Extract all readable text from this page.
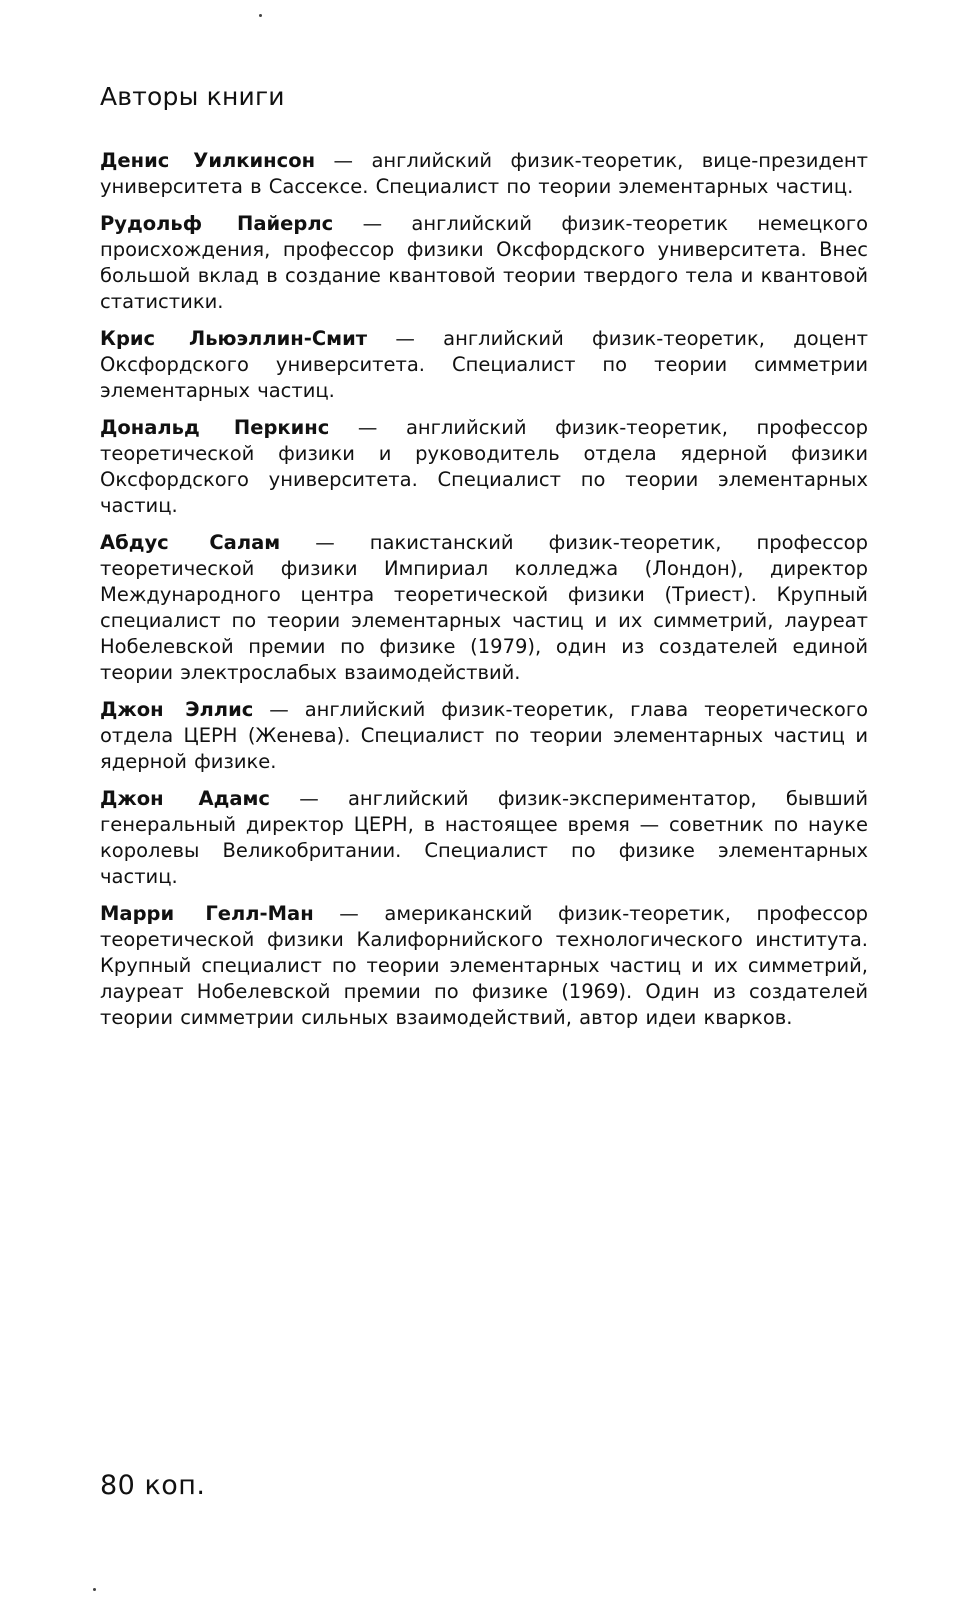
Авторы книги

Денис Уилкинсон — английский физик-теоретик, вице-президент университета в Сассексе. Специалист по теории элементарных частиц.

Рудольф Пайерлс — английский физик-теоретик немецкого происхождения, профессор физики Оксфордского университета. Внес большой вклад в создание квантовой теории твердого тела и квантовой статистики.

Крис Льюэллин-Смит — английский физик-теоретик, доцент Оксфордского университета. Специалист по теории симметрии элементарных частиц.

Дональд Перкинс — английский физик-теоретик, профессор теоретической физики и руководитель отдела ядерной физики Оксфордского университета. Специалист по теории элементарных частиц.

Абдус Салам — пакистанский физик-теоретик, профессор теоретической физики Импириал колледжа (Лондон), директор Международного центра теоретической физики (Триест). Крупный специалист по теории элементарных частиц и их симметрий, лауреат Нобелевской премии по физике (1979), один из создателей единой теории электрослабых взаимодействий.

Джон Эллис — английский физик-теоретик, глава теоретического отдела ЦЕРН (Женева). Специалист по теории элементарных частиц и ядерной физике.

Джон Адамс — английский физик-экспериментатор, бывший генеральный директор ЦЕРН, в настоящее время — советник по науке королевы Великобритании. Специалист по физике элементарных частиц.

Марри Гелл-Ман — американский физик-теоретик, профессор теоретической физики Калифорнийского технологического института. Крупный специалист по теории элементарных частиц и их симметрий, лауреат Нобелевской премии по физике (1969). Один из создателей теории симметрии сильных взаимодействий, автор идеи кварков.

80 коп.
